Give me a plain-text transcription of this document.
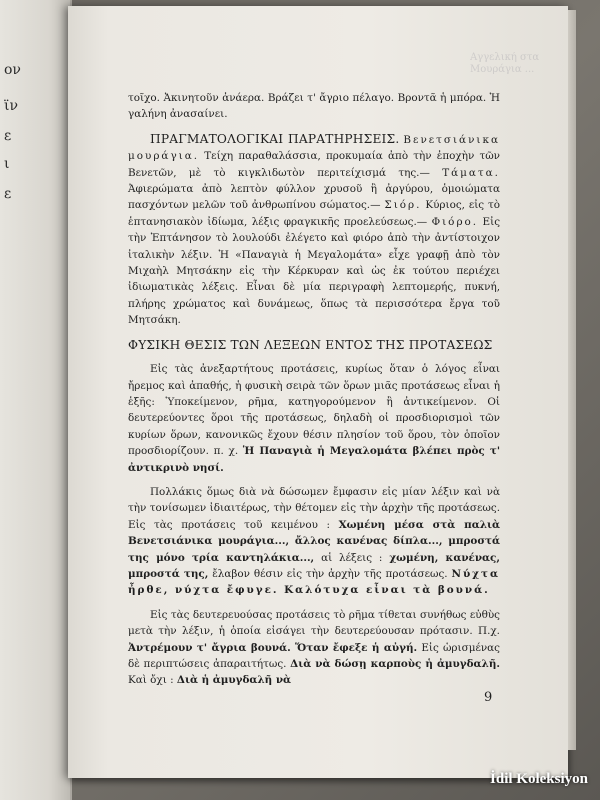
ον
ϊν
ε
ι
ε
Αγγελική στα Μουράγια ...

τοῖχο. Ἀκινητοῦν ἀνάερα. Βράζει τ' ἄγριο πέλαγο. Βροντᾶ ἡ μπόρα. Ἡ γαλήνη ἀνασαίνει.

ΠΡΑΓΜΑΤΟΛΟΓΙΚΑΙ ΠΑΡΑΤΗΡΗΣΕΙΣ. Βενετσιάνικα μουράγια. Τείχη παραθαλάσσια, προκυμαία ἀπὸ τὴν ἐποχὴν τῶν Βενετῶν, μὲ τὸ κιγκλιδωτὸν περιτείχισμά της.— Τάματα. Ἀφιερώματα ἀπὸ λεπτὸν φύλλον χρυσοῦ ἢ ἀργύρου, ὁμοιώματα πασχόντων μελῶν τοῦ ἀνθρωπίνου σώματος.— Σιόρ. Κύριος, εἰς τὸ ἑπτανησιακὸν ἰδίωμα, λέξις φραγκικῆς προελεύσεως.— Φιόρο. Εἰς τὴν Ἑπτάνησον τὸ λουλούδι ἐλέγετο καὶ φιόρο ἀπὸ τὴν ἀντίστοιχον ἰταλικὴν λέξιν. Ἡ «Παναγιὰ ἡ Μεγαλομάτα» εἶχε γραφῇ ἀπὸ τὸν Μιχαὴλ Μητσάκην εἰς τὴν Κέρκυραν καὶ ὡς ἐκ τούτου περιέχει ἰδιωματικὰς λέξεις. Εἶναι δὲ μία περιγραφὴ λεπτομερής, πυκνή, πλήρης χρώματος καὶ δυνάμεως, ὅπως τὰ περισσότερα ἔργα τοῦ Μητσάκη.

ΦΥΣΙΚΗ ΘΕΣΙΣ ΤΩΝ ΛΕΞΕΩΝ ΕΝΤΟΣ ΤΗΣ ΠΡΟΤΑΣΕΩΣ

Εἰς τὰς ἀνεξαρτήτους προτάσεις, κυρίως ὅταν ὁ λόγος εἶναι ἤρεμος καὶ ἀπαθής, ἡ φυσικὴ σειρὰ τῶν ὅρων μιᾶς προτάσεως εἶναι ἡ ἑξῆς: Ὑποκείμενον, ρῆμα, κατηγορούμενον ἢ ἀντικείμενον. Οἱ δευτερεύοντες ὅροι τῆς προτάσεως, δηλαδὴ οἱ προσδιορισμοὶ τῶν κυρίων ὅρων, κανονικῶς ἔχουν θέσιν πλησίον τοῦ ὅρου, τὸν ὁποῖον προσδιορίζουν. π. χ. Ἡ Παναγιὰ ἡ Μεγαλομάτα βλέπει πρὸς τ' ἀντικρινὸ νησί.

Πολλάκις ὅμως διὰ νὰ δώσωμεν ἔμφασιν εἰς μίαν λέξιν καὶ νὰ τὴν τονίσωμεν ἰδιαιτέρως, τὴν θέτομεν εἰς τὴν ἀρχὴν τῆς προτάσεως. Εἰς τὰς προτάσεις τοῦ κειμένου : Χωμένη μέσα στὰ παλιὰ Βενετσιάνικα μουράγια..., ἄλλος κανένας δίπλα..., μπροστά της μόνο τρία καντηλάκια..., αἱ λέξεις : χωμένη, κανένας, μπροστά της, ἔλαβον θέσιν εἰς τὴν ἀρχὴν τῆς προτάσεως. Νύχτα ἦρθε, νύχτα ἔφυγε. Καλότυχα εἶναι τὰ βουνά.

Εἰς τὰς δευτερευούσας προτάσεις τὸ ρῆμα τίθεται συνήθως εὐθὺς μετὰ τὴν λέξιν, ἡ ὁποία εἰσάγει τὴν δευτερεύουσαν πρότασιν. Π.χ. Ἀντρέμουν τ' ἄγρια βουνά. Ὅταν ἔφεξε ἡ αὐγή. Εἰς ὡρισμένας δὲ περιπτώσεις ἀπαραιτήτως. Διὰ νὰ δώσῃ καρποὺς ἡ ἀμυγδαλῆ. Καὶ ὄχι : Διὰ ἡ ἀμυγδαλῆ νὰ

9
İdil Koleksiyon
